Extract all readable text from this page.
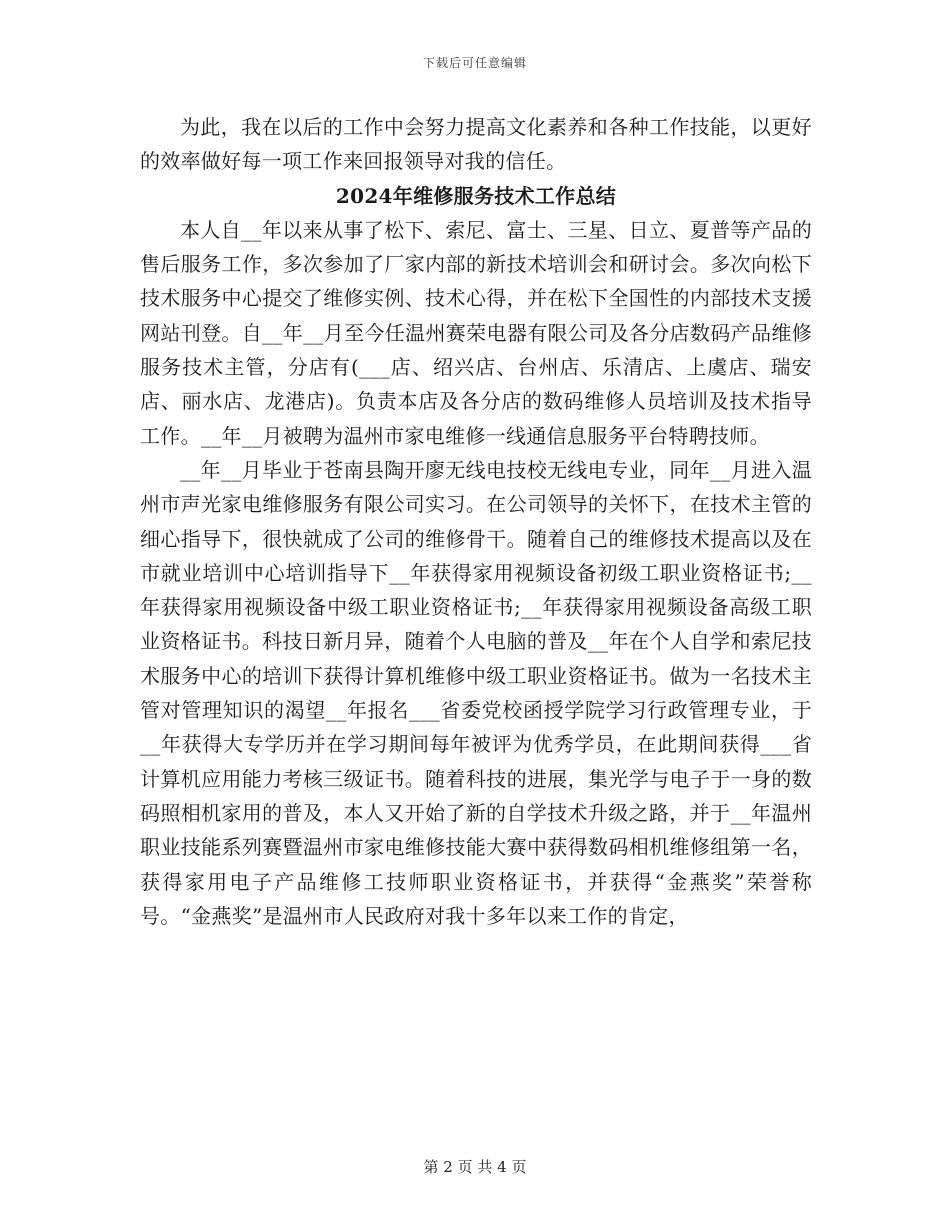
下载后可任意编辑

为此，我在以后的工作中会努力提高文化素养和各种工作技能，以更好的效率做好每一项工作来回报领导对我的信任。

2024年维修服务技术工作总结

本人自__年以来从事了松下、索尼、富士、三星、日立、夏普等产品的售后服务工作，多次参加了厂家内部的新技术培训会和研讨会。多次向松下技术服务中心提交了维修实例、技术心得，并在松下全国性的内部技术支援网站刊登。自__年__月至今任温州赛荣电器有限公司及各分店数码产品维修服务技术主管，分店有(___店、绍兴店、台州店、乐清店、上虞店、瑞安店、丽水店、龙港店)。负责本店及各分店的数码维修人员培训及技术指导工作。__年__月被聘为温州市家电维修一线通信息服务平台特聘技师。

__年__月毕业于苍南县陶开廖无线电技校无线电专业，同年__月进入温州市声光家电维修服务有限公司实习。在公司领导的关怀下，在技术主管的细心指导下，很快就成了公司的维修骨干。随着自己的维修技术提高以及在市就业培训中心培训指导下__年获得家用视频设备初级工职业资格证书;__年获得家用视频设备中级工职业资格证书;__年获得家用视频设备高级工职业资格证书。科技日新月异，随着个人电脑的普及__年在个人自学和索尼技术服务中心的培训下获得计算机维修中级工职业资格证书。做为一名技术主管对管理知识的渴望__年报名___省委党校函授学院学习行政管理专业，于__年获得大专学历并在学习期间每年被评为优秀学员，在此期间获得___省计算机应用能力考核三级证书。随着科技的进展，集光学与电子于一身的数码照相机家用的普及，本人又开始了新的自学技术升级之路，并于__年温州职业技能系列赛暨温州市家电维修技能大赛中获得数码相机维修组第一名，获得家用电子产品维修工技师职业资格证书，并获得“金燕奖”荣誉称号。“金燕奖”是温州市人民政府对我十多年以来工作的肯定，

第 2 页 共 4 页
